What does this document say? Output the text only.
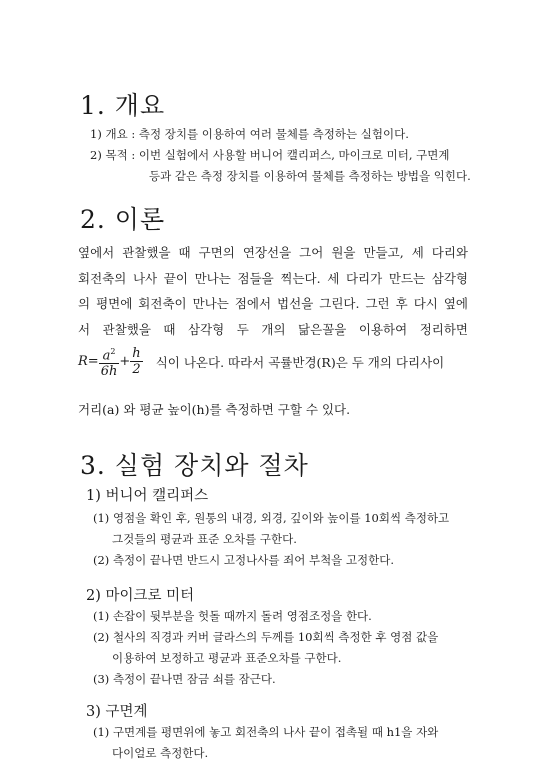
1. 개요
1) 개요 : 측정 장치를 이용하여 여러 물체를 측정하는 실험이다.
2) 목적 : 이번 실험에서 사용할 버니어 캘리퍼스, 마이크로 미터, 구면계
등과 같은 측정 장치를 이용하여 물체를 측정하는 방법을 익힌다.
2. 이론
옆에서 관찰했을 때 구면의 연장선을 그어 원을 만들고, 세 다리와
회전축의 나사 끝이 만나는 점들을 찍는다. 세 다리가 만드는 삼각형
의 평면에 회전축이 만나는 점에서 법선을 그린다. 그런 후 다시 옆에
서 관찰했을 때 삼각형 두 개의 닮은꼴을 이용하여 정리하면
$R= \frac{a^2}{6h} + \frac{h}{2}$ 식이 나온다. 따라서 곡률반경(R)은 두 개의 다리사이
거리(a) 와 평균 높이(h)를 측정하면 구할 수 있다.
3. 실험 장치와 절차
1) 버니어 캘리퍼스
(1) 영점을 확인 후, 원통의 내경, 외경, 깊이와 높이를 10회씩 측정하고
그것들의 평균과 표준 오차를 구한다.
(2) 측정이 끝나면 반드시 고정나사를 죄어 부척을 고정한다.
2) 마이크로 미터
(1) 손잡이 뒷부분을 헛돌 때까지 돌려 영점조정을 한다.
(2) 철사의 직경과 커버 글라스의 두께를 10회씩 측정한 후 영점 값을
이용하여 보정하고 평균과 표준오차를 구한다.
(3) 측정이 끝나면 잠금 쇠를 잠근다.
3) 구면계
(1) 구면계를 평면위에 놓고 회전축의 나사 끝이 접촉될 때 h1을 자와
다이얼로 측정한다.
